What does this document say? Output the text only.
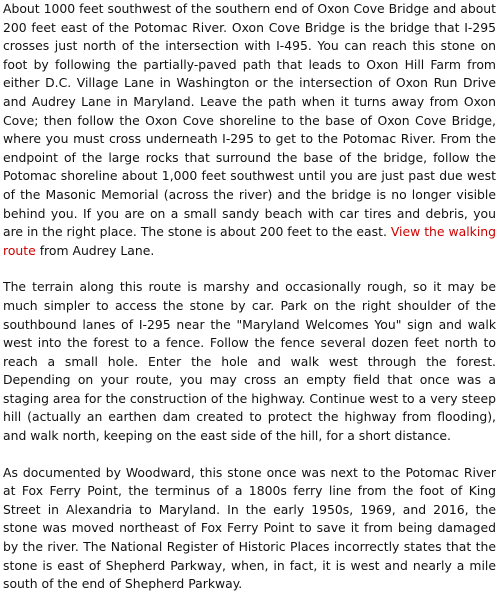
About 1000 feet southwest of the southern end of Oxon Cove Bridge and about 200 feet east of the Potomac River. Oxon Cove Bridge is the bridge that I-295 crosses just north of the intersection with I-495. You can reach this stone on foot by following the partially-paved path that leads to Oxon Hill Farm from either D.C. Village Lane in Washington or the intersection of Oxon Run Drive and Audrey Lane in Maryland. Leave the path when it turns away from Oxon Cove; then follow the Oxon Cove shoreline to the base of Oxon Cove Bridge, where you must cross underneath I-295 to get to the Potomac River. From the endpoint of the large rocks that surround the base of the bridge, follow the Potomac shoreline about 1,000 feet southwest until you are just past due west of the Masonic Memorial (across the river) and the bridge is no longer visible behind you. If you are on a small sandy beach with car tires and debris, you are in the right place. The stone is about 200 feet to the east. View the walking route from Audrey Lane.

The terrain along this route is marshy and occasionally rough, so it may be much simpler to access the stone by car. Park on the right shoulder of the southbound lanes of I-295 near the "Maryland Welcomes You" sign and walk west into the forest to a fence. Follow the fence several dozen feet north to reach a small hole. Enter the hole and walk west through the forest. Depending on your route, you may cross an empty field that once was a staging area for the construction of the highway. Continue west to a very steep hill (actually an earthen dam created to protect the highway from flooding), and walk north, keeping on the east side of the hill, for a short distance.

As documented by Woodward, this stone once was next to the Potomac River at Fox Ferry Point, the terminus of a 1800s ferry line from the foot of King Street in Alexandria to Maryland. In the early 1950s, 1969, and 2016, the stone was moved northeast of Fox Ferry Point to save it from being damaged by the river. The National Register of Historic Places incorrectly states that the stone is east of Shepherd Parkway, when, in fact, it is west and nearly a mile south of the end of Shepherd Parkway.
